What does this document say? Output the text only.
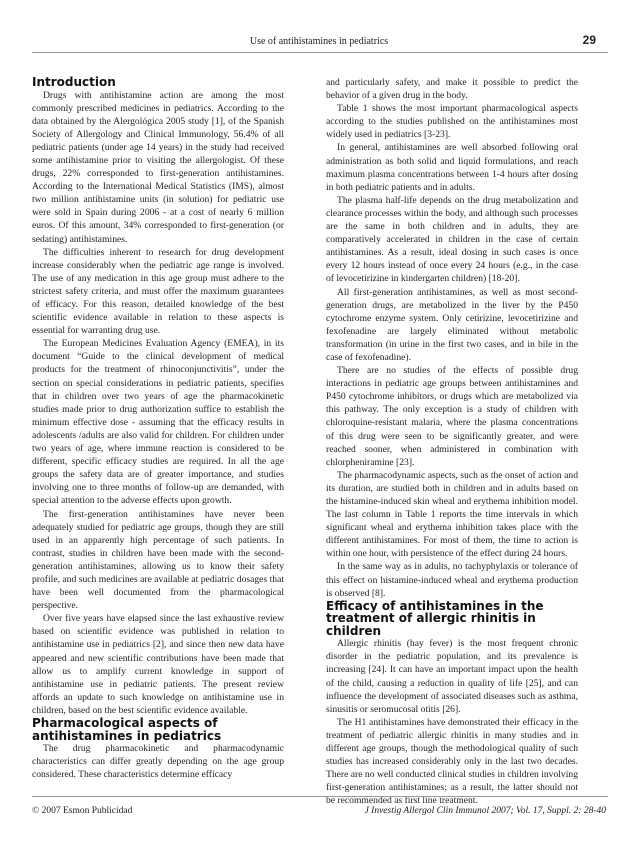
Use of antihistamines in pediatrics	29
Introduction

Drugs with antihistamine action are among the most commonly prescribed medicines in pediatrics. According to the data obtained by the Alergológica 2005 study [1], of the Spanish Society of Allergology and Clinical Immunology, 56.4% of all pediatric patients (under age 14 years) in the study had received some antihistamine prior to visiting the allergologist. Of these drugs, 22% corresponded to first-generation antihistamines. According to the International Medical Statistics (IMS), almost two million antihistamine units (in solution) for pediatric use were sold in Spain during 2006 - at a cost of nearly 6 million euros. Of this amount, 34% corresponded to first-generation (or sedating) antihistamines.

The difficulties inherent to research for drug development increase considerably when the pediatric age range is involved. The use of any medication in this age group must adhere to the strictest safety criteria, and must offer the maximum guarantees of efficacy. For this reason, detailed knowledge of the best scientific evidence available in relation to these aspects is essential for warranting drug use.

The European Medicines Evaluation Agency (EMEA), in its document “Guide to the clinical development of medical products for the treatment of rhinoconjunctivitis”, under the section on special considerations in pediatric patients, specifies that in children over two years of age the pharmacokinetic studies made prior to drug authorization suffice to establish the minimum effective dose - assuming that the efficacy results in adolescents /adults are also valid for children. For children under two years of age, where immune reaction is considered to be different, specific efficacy studies are required. In all the age groups the safety data are of greater importance, and studies involving one to three months of follow-up are demanded, with special attention to the adverse effects upon growth.

The first-generation antihistamines have never been adequately studied for pediatric age groups, though they are still used in an apparently high percentage of such patients. In contrast, studies in children have been made with the second-generation antihistamines, allowing us to know their safety profile, and such medicines are available at pediatric dosages that have been well documented from the pharmacological perspective.

Over five years have elapsed since the last exhaustive review based on scientific evidence was published in relation to antihistamine use in pediatrics [2], and since then new data have appeared and new scientific contributions have been made that allow us to amplify current knowledge in support of antihistamine use in pediatric patients. The present review affords an update to such knowledge on antihistamine use in children, based on the best scientific evidence available.

Pharmacological aspects of antihistamines in pediatrics

The drug pharmacokinetic and pharmacodynamic characteristics can differ greatly depending on the age group considered. These characteristics determine efficacy

and particularly safety, and make it possible to predict the behavior of a given drug in the body.

Table 1 shows the most important pharmacological aspects according to the studies published on the antihistamines most widely used in pediatrics [3-23].

In general, antihistamines are well absorbed following oral administration as both solid and liquid formulations, and reach maximum plasma concentrations between 1-4 hours after dosing in both pediatric patients and in adults.

The plasma half-life depends on the drug metabolization and clearance processes within the body, and although such processes are the same in both children and in adults, they are comparatively accelerated in children in the case of certain antihistamines. As a result, ideal dosing in such cases is once every 12 hours instead of once every 24 hours (e.g., in the case of levocetirizine in kindergarten children) [18-20].

All first-generation antihistamines, as well as most second-generation drugs, are metabolized in the liver by the P450 cytochrome enzyme system. Only cetirizine, levocetirizine and fexofenadine are largely eliminated without metabolic transformation (in urine in the first two cases, and in bile in the case of fexofenadine).

There are no studies of the effects of possible drug interactions in pediatric age groups between antihistamines and P450 cytochrome inhibitors, or drugs which are metabolized via this pathway. The only exception is a study of children with chloroquine-resistant malaria, where the plasma concentrations of this drug were seen to be significantly greater, and were reached sooner, when administered in combination with chlorpheniramine [23].

The pharmacodynamic aspects, such as the onset of action and its duration, are studied both in children and in adults based on the histamine-induced skin wheal and erythema inhibition model. The last column in Table 1 reports the time intervals in which significant wheal and erythema inhibition takes place with the different antihistamines. For most of them, the time to action is within one hour, with persistence of the effect during 24 hours.

In the same way as in adults, no tachyphylaxis or tolerance of this effect on histamine-induced wheal and erythema production is observed [8].

Efficacy of antihistamines in the treatment of allergic rhinitis in children

Allergic rhinitis (hay fever) is the most frequent chronic disorder in the pediatric population, and its prevalence is increasing [24]. It can have an important impact upon the health of the child, causing a reduction in quality of life [25], and can influence the development of associated diseases such as asthma, sinusitis or seromucosal otitis [26].

The H1 antihistamines have demonstrated their efficacy in the treatment of pediatric allergic rhinitis in many studies and in different age groups, though the methodological quality of such studies has increased considerably only in the last two decades. There are no well conducted clinical studies in children involving first-generation antihistamines; as a result, the latter should not be recommended as first line treatment.

© 2007 Esmon Publicidad	J Investig Allergol Clin Immunol 2007; Vol. 17, Suppl. 2: 28-40
